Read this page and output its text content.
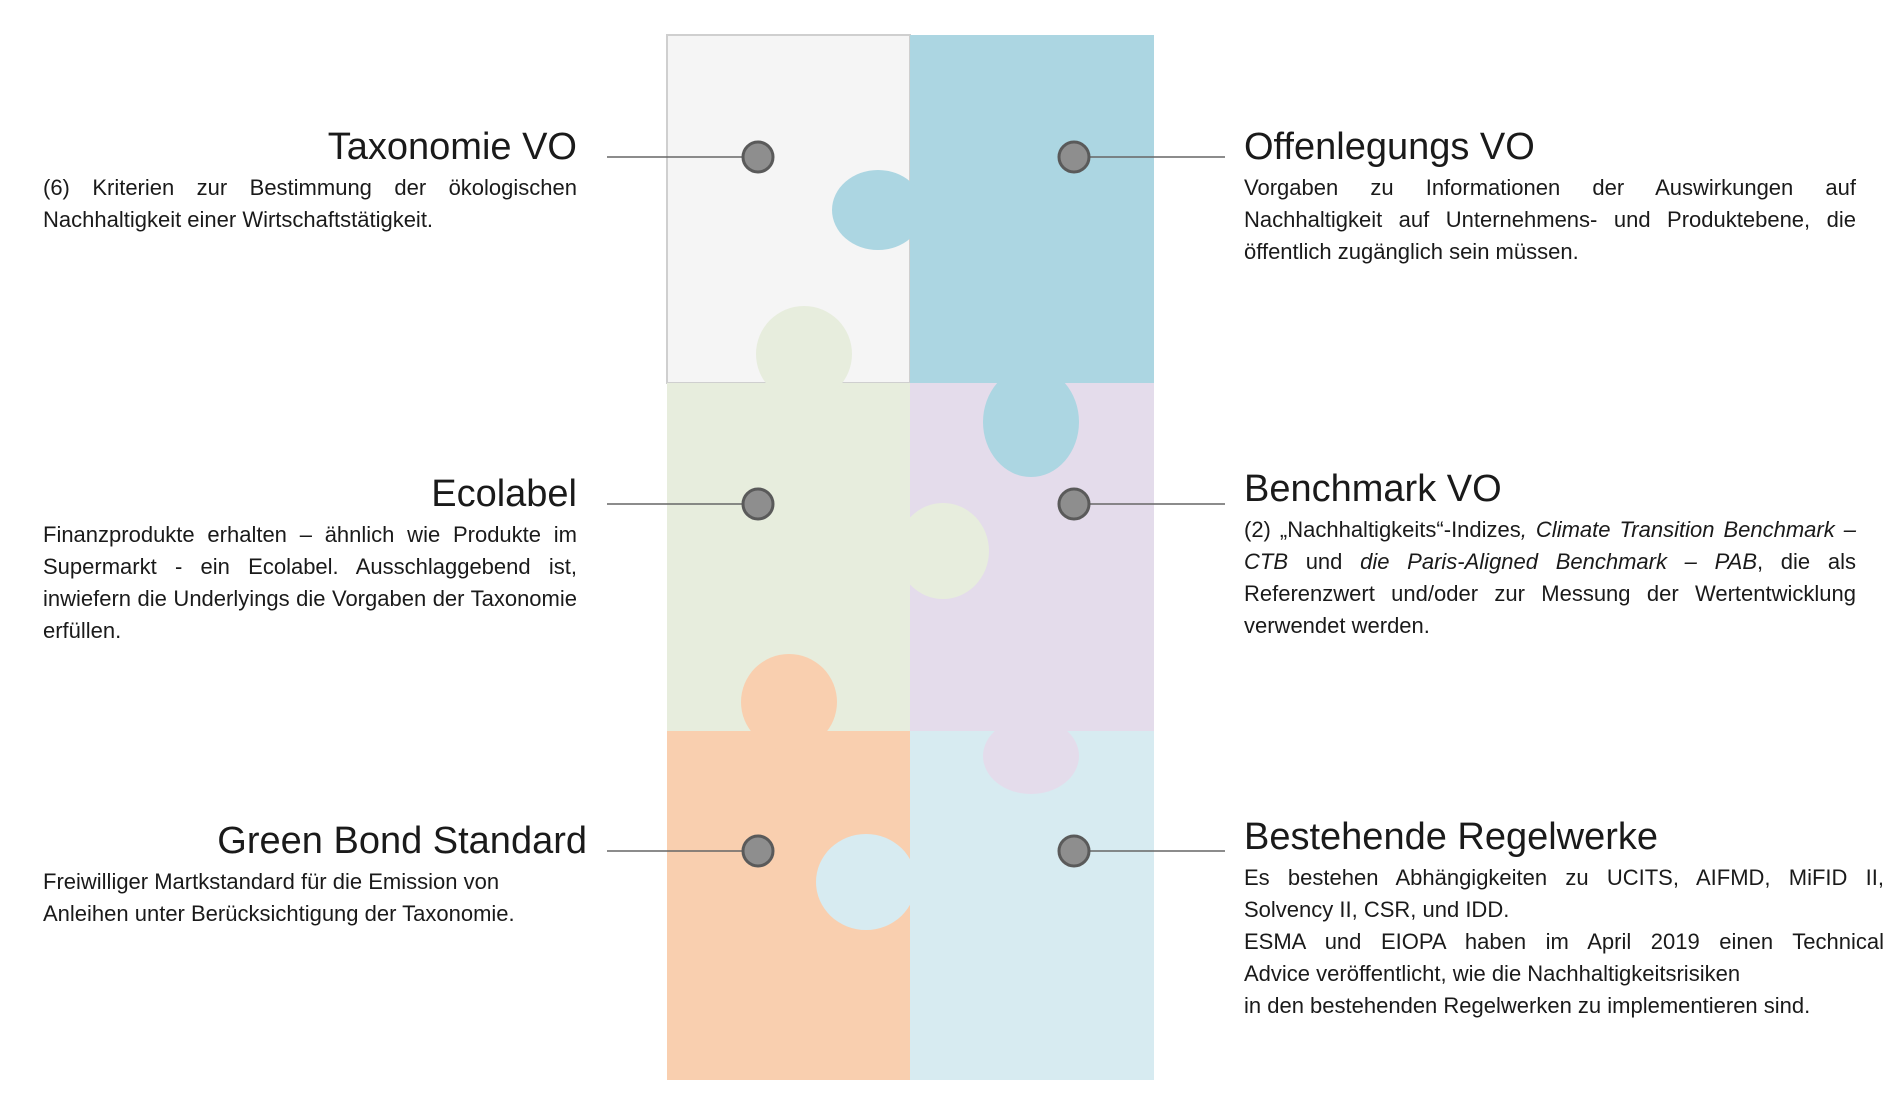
Taxonomie VO

(6) Kriterien zur Bestimmung der ökologischen Nachhaltigkeit einer Wirtschaftstätigkeit.

Offenlegungs VO

Vorgaben zu Informationen der Auswirkungen auf Nachhaltigkeit auf Unternehmens- und Produktebene, die öffentlich zugänglich sein müssen.

Ecolabel

Finanzprodukte erhalten – ähnlich wie Produkte im Supermarkt - ein Ecolabel. Ausschlaggebend ist, inwiefern die Underlyings die Vorgaben der Taxonomie erfüllen.

Benchmark VO

(2) „Nachhaltigkeits“-Indizes, Climate Transition Benchmark – CTB und die Paris-Aligned Benchmark – PAB, die als Referenzwert und/oder zur Messung der Wertentwicklung verwendet werden.

Green Bond Standard

Freiwilliger Martkstandard für die Emission von
Anleihen unter Berücksichtigung der Taxonomie.

Bestehende Regelwerke

Es bestehen Abhängigkeiten zu UCITS, AIFMD, MiFID II, Solvency II, CSR, und IDD.

ESMA und EIOPA haben im April 2019 einen Technical
Advice veröffentlicht, wie die Nachhaltigkeitsrisiken
in den bestehenden Regelwerken zu implementieren sind.
